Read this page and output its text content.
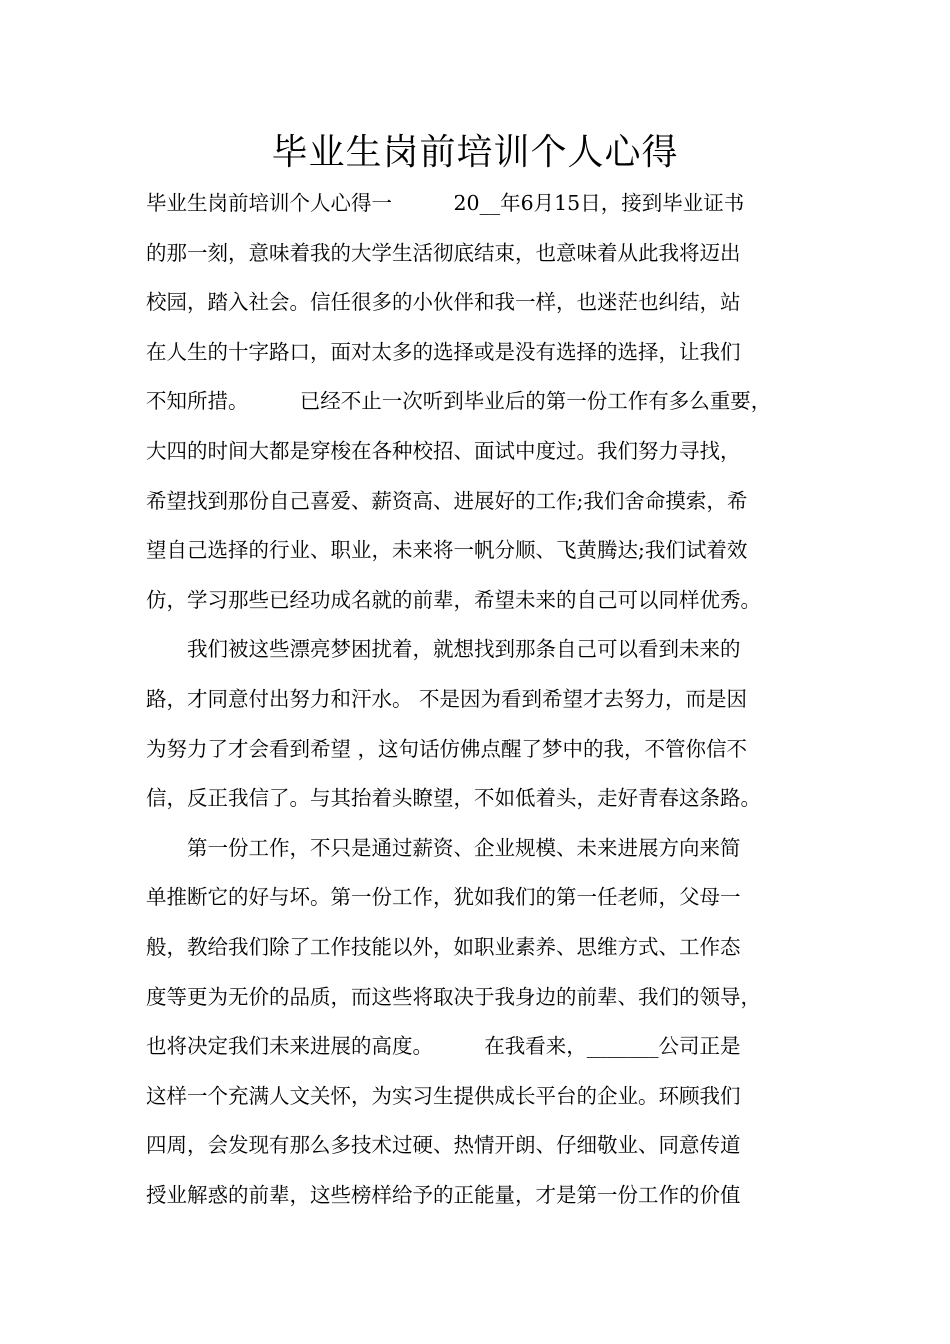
毕业生岗前培训个人心得
毕业生岗前培训个人心得一　　　20__年6月15日，接到毕业证书
的那一刻，意味着我的大学生活彻底结束，也意味着从此我将迈出
校园，踏入社会。信任很多的小伙伴和我一样，也迷茫也纠结，站
在人生的十字路口，面对太多的选择或是没有选择的选择，让我们
不知所措。　　　已经不止一次听到毕业后的第一份工作有多么重要，
大四的时间大都是穿梭在各种校招、面试中度过。我们努力寻找，
希望找到那份自己喜爱、薪资高、进展好的工作;我们舍命摸索，希
望自己选择的行业、职业，未来将一帆分顺、飞黄腾达;我们试着效
仿，学习那些已经功成名就的前辈，希望未来的自己可以同样优秀。
　　我们被这些漂亮梦困扰着，就想找到那条自己可以看到未来的
路，才同意付出努力和汗水。 不是因为看到希望才去努力，而是因
为努力了才会看到希望 ，这句话仿佛点醒了梦中的我，不管你信不
信，反正我信了。与其抬着头瞭望，不如低着头，走好青春这条路。
　　第一份工作，不只是通过薪资、企业规模、未来进展方向来简
单推断它的好与坏。第一份工作，犹如我们的第一任老师，父母一
般，教给我们除了工作技能以外，如职业素养、思维方式、工作态
度等更为无价的品质，而这些将取决于我身边的前辈、我们的领导，
也将决定我们未来进展的高度。　　　在我看来，_______公司正是
这样一个充满人文关怀，为实习生提供成长平台的企业。环顾我们
四周，会发现有那么多技术过硬、热情开朗、仔细敬业、同意传道
授业解惑的前辈，这些榜样给予的正能量，才是第一份工作的价值
